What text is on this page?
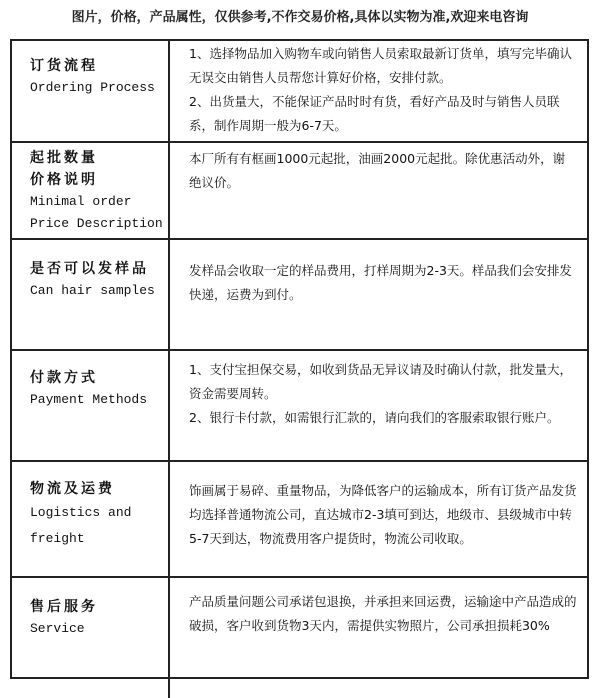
图片，价格，产品属性，仅供参考,不作交易价格,具体以实物为准,欢迎来电咨询

订货流程

Ordering Process

1、选择物品加入购物车或向销售人员索取最新订货单，填写完毕确认无误交由销售人员帮您计算好价格，安排付款。

2、出货量大，不能保证产品时时有货，看好产品及时与销售人员联系，制作周期一般为6-7天。

起批数量

价格说明

Minimal order

Price Description

本厂所有有框画1000元起批，油画2000元起批。除优惠活动外，谢绝议价。

是否可以发样品

Can hair samples

发样品会收取一定的样品费用，打样周期为2-3天。样品我们会安排发快递，运费为到付。

付款方式

Payment Methods

1、支付宝担保交易，如收到货品无异议请及时确认付款，批发量大，资金需要周转。

2、银行卡付款，如需银行汇款的，请向我们的客服索取银行账户。

物流及运费

Logistics and

freight

饰画属于易碎、重量物品，为降低客户的运输成本，所有订货产品发货均选择普通物流公司，直达城市2-3填可到达，地级市、县级城市中转5-7天到达，物流费用客户提货时，物流公司收取。

售后服务

Service

产品质量问题公司承诺包退换，并承担来回运费，运输途中产品造成的破损，客户收到货物3天内，需提供实物照片，公司承担损耗30%
